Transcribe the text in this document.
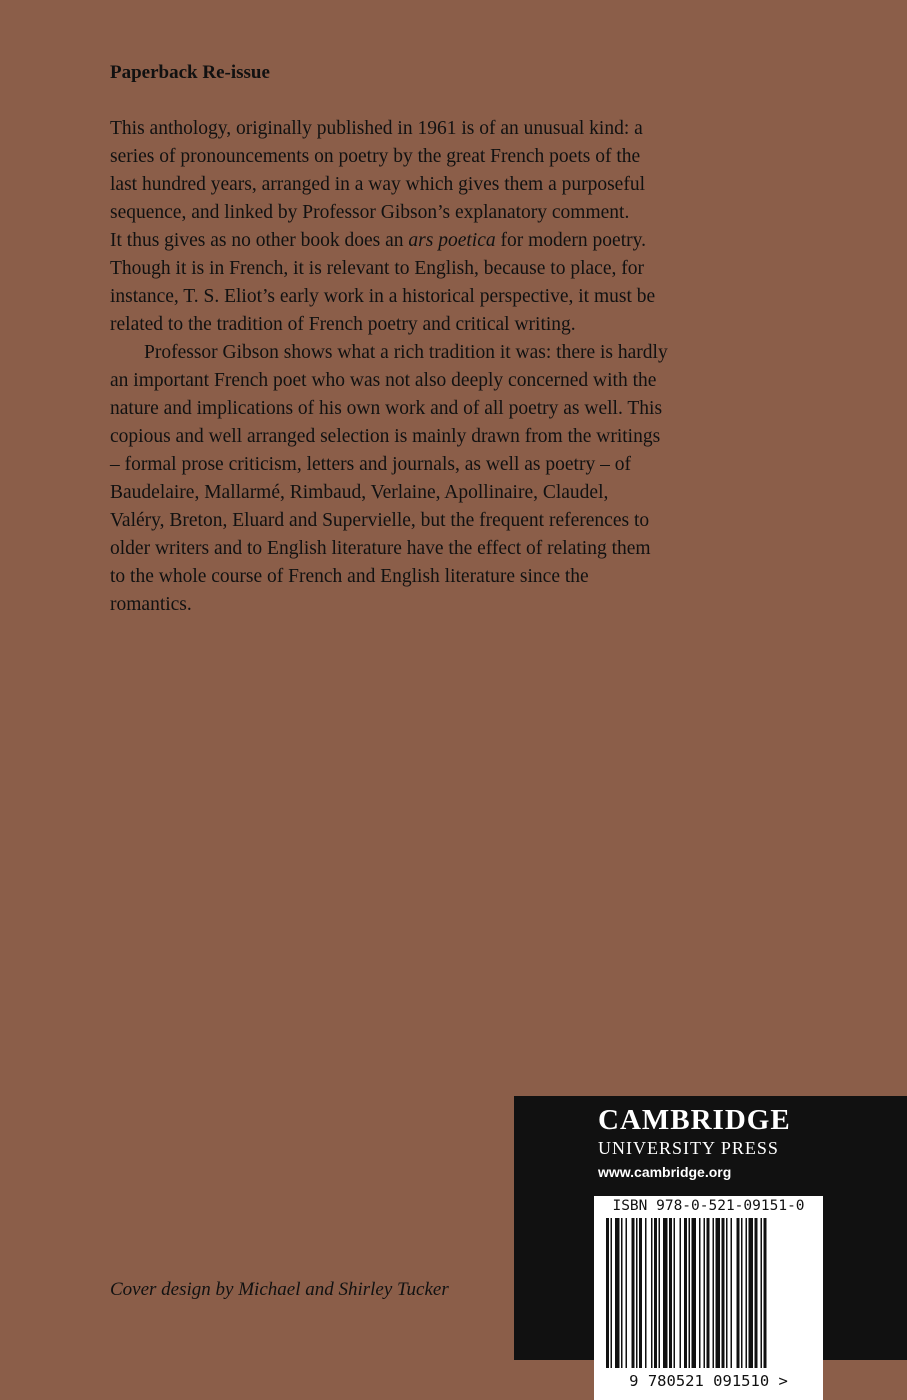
Paperback Re-issue
This anthology, originally published in 1961 is of an unusual kind: a
series of pronouncements on poetry by the great French poets of the
last hundred years, arranged in a way which gives them a purposeful
sequence, and linked by Professor Gibson’s explanatory comment.
It thus gives as no other book does an ars poetica for modern poetry.
Though it is in French, it is relevant to English, because to place, for
instance, T. S. Eliot’s early work in a historical perspective, it must be
related to the tradition of French poetry and critical writing.
Professor Gibson shows what a rich tradition it was: there is hardly
an important French poet who was not also deeply concerned with the
nature and implications of his own work and of all poetry as well. This
copious and well arranged selection is mainly drawn from the writings
– formal prose criticism, letters and journals, as well as poetry – of
Baudelaire, Mallarmé, Rimbaud, Verlaine, Apollinaire, Claudel,
Valéry, Breton, Eluard and Supervielle, but the frequent references to
older writers and to English literature have the effect of relating them
to the whole course of French and English literature since the
romantics.
Cover design by Michael and Shirley Tucker
CAMBRIDGE
UNIVERSITY PRESS
www.cambridge.org
ISBN 978-0-521-09151-0
9 780521 091510 >
